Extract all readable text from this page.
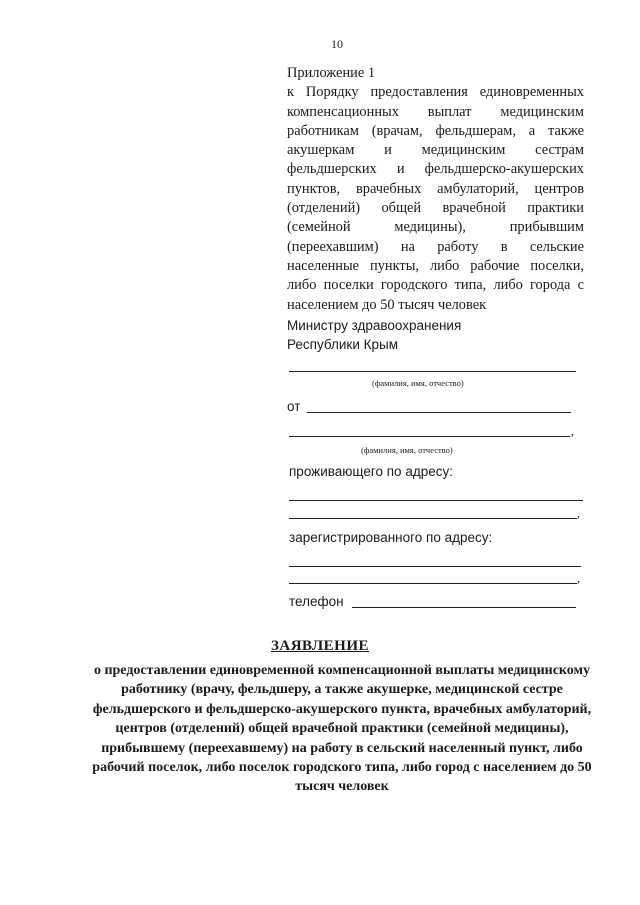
10
Приложение 1
к Порядку предоставления единовременных компенсационных выплат медицинским работникам (врачам, фельдшерам, а также акушеркам и медицинским сестрам фельдшерских и фельдшерско-акушерских пунктов, врачебных амбулаторий, центров (отделений) общей врачебной практики (семейной медицины), прибывшим (переехавшим) на работу в сельские населенные пункты, либо рабочие поселки, либо поселки городского типа, либо города с населением до 50 тысяч человек
Министру здравоохранения
Республики Крым
(фамилия, имя, отчество)
от
,
(фамилия, имя, отчество)
проживающего по адресу:
,
зарегистрированного по адресу:
,
телефон
ЗАЯВЛЕНИЕ
о предоставлении единовременной компенсационной выплаты медицинскому работнику (врачу, фельдшеру, а также акушерке, медицинской сестре фельдшерского и фельдшерско-акушерского пункта, врачебных амбулаторий, центров (отделений) общей врачебной практики (семейной медицины), прибывшему (переехавшему) на работу в сельский населенный пункт, либо рабочий поселок, либо поселок городского типа, либо город с населением до 50 тысяч человек
